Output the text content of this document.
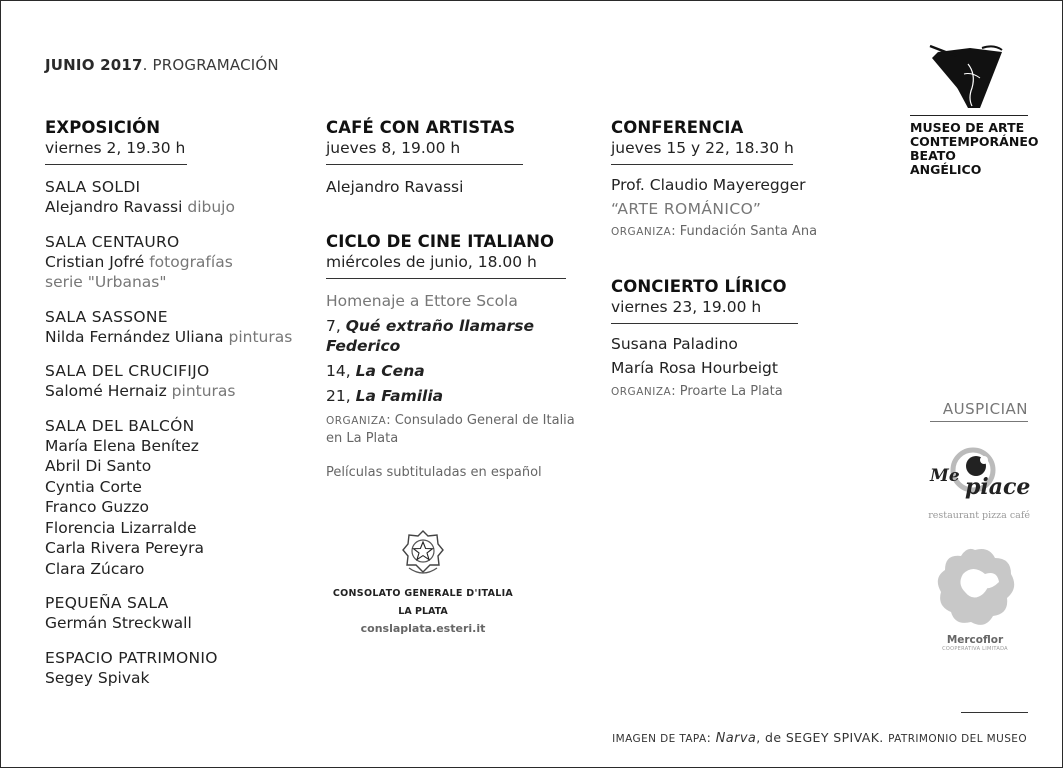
JUNIO 2017. PROGRAMACIÓN
EXPOSICIÓN
viernes 2, 19.30 h
SALA SOLDI
Alejandro Ravassi dibujo
SALA CENTAURO
Cristian Jofré fotografías
serie "Urbanas"
SALA SASSONE
Nilda Fernández Uliana pinturas
SALA DEL CRUCIFIJO
Salomé Hernaiz pinturas
SALA DEL BALCÓN
María Elena Benítez
Abril Di Santo
Cyntia Corte
Franco Guzzo
Florencia Lizarralde
Carla Rivera Pereyra
Clara Zúcaro
PEQUEÑA SALA
Germán Streckwall
ESPACIO PATRIMONIO
Segey Spivak
CAFÉ CON ARTISTAS
jueves 8, 19.00 h
Alejandro Ravassi
CICLO DE CINE ITALIANO
miércoles de junio, 18.00 h
Homenaje a Ettore Scola
7, Qué extraño llamarse Federico
14, La Cena
21, La Familia
ORGANIZA: Consulado General de Italia en La Plata
Películas subtituladas en español
CONSOLATO GENERALE D'ITALIA
LA PLATA
conslaplata.esteri.it
CONFERENCIA
jueves 15 y 22, 18.30 h
Prof. Claudio Mayeregger
“ARTE ROMÁNICO”
ORGANIZA: Fundación Santa Ana
CONCIERTO LÍRICO
viernes 23, 19.00 h
Susana Paladino
María Rosa Hourbeigt
ORGANIZA: Proarte La Plata
MUSEO DE ARTE
CONTEMPORÁNEO
BEATO ANGÉLICO
AUSPICIAN
Me piace
restaurant pizza café
Mercoflor
COOPERATIVA LIMITADA
IMAGEN DE TAPA: Narva, de SEGEY SPIVAK. PATRIMONIO DEL MUSEO
